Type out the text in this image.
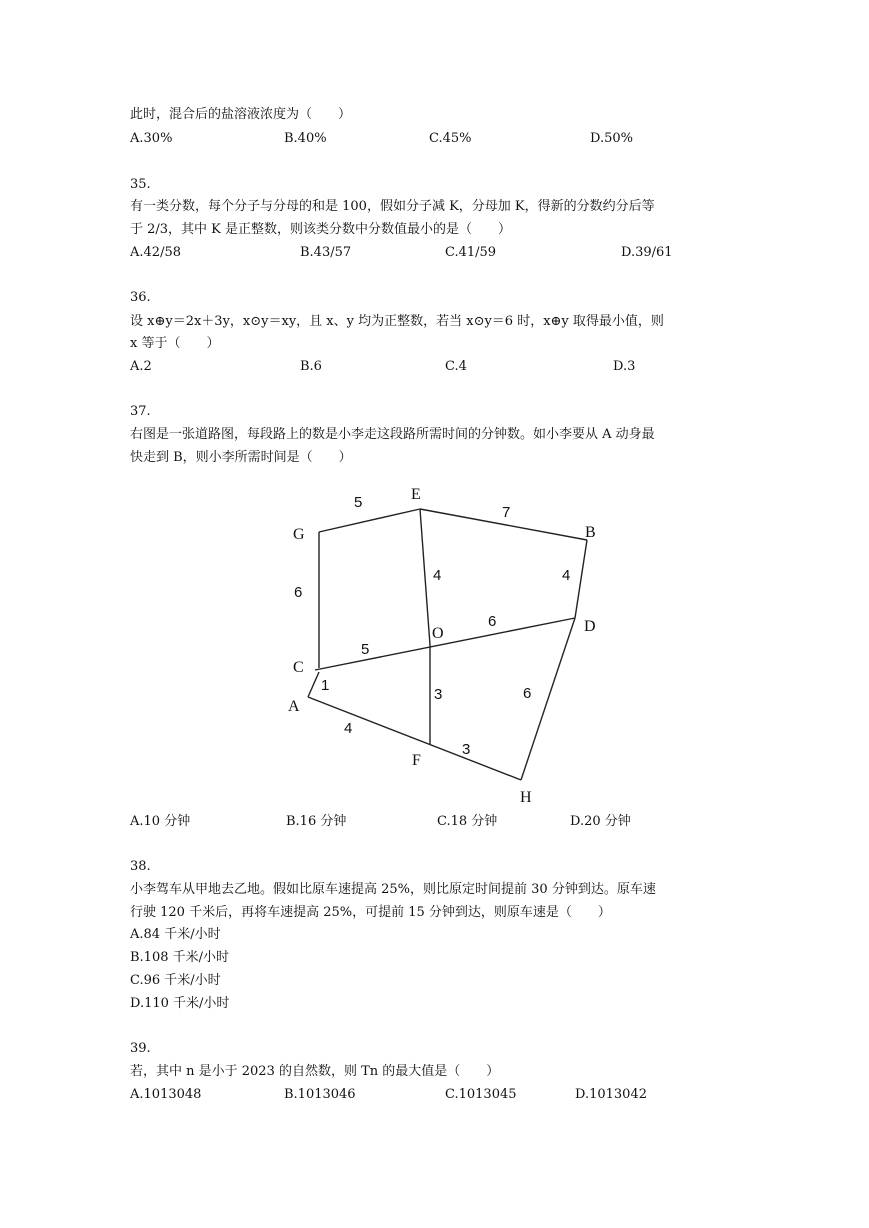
此时，混合后的盐溶液浓度为（　　）
A.30%	B.40%	C.45%	D.50%
35.
有一类分数，每个分子与分母的和是 100，假如分子减 K，分母加 K，得新的分数约分后等
于 2/3，其中 K 是正整数，则该类分数中分数值最小的是（　　）
A.42/58	B.43/57	C.41/59	D.39/61
36.
设 x⊕y＝2x＋3y，x⊙y＝xy，且 x、y 均为正整数，若当 x⊙y＝6 时，x⊕y 取得最小值，则
x 等于（　　）
A.2	B.6	C.4	D.3
37.
右图是一张道路图，每段路上的数是小李走这段路所需时间的分钟数。如小李要从 A 动身最
快走到 B，则小李所需时间是（　　）
E
G	B
O	D
C
A
F
H
5
7
6
4	4
5
6
1
3	6
4
3
A.10 分钟	B.16 分钟	C.18 分钟	D.20 分钟
38.
小李驾车从甲地去乙地。假如比原车速提高 25%，则比原定时间提前 30 分钟到达。原车速
行驶 120 千米后，再将车速提高 25%，可提前 15 分钟到达，则原车速是（　　）
A.84 千米/小时
B.108 千米/小时
C.96 千米/小时
D.110 千米/小时
39.
若，其中 n 是小于 2023 的自然数，则 Tn 的最大值是（　　）
A.1013048	B.1013046	C.1013045	D.1013042
